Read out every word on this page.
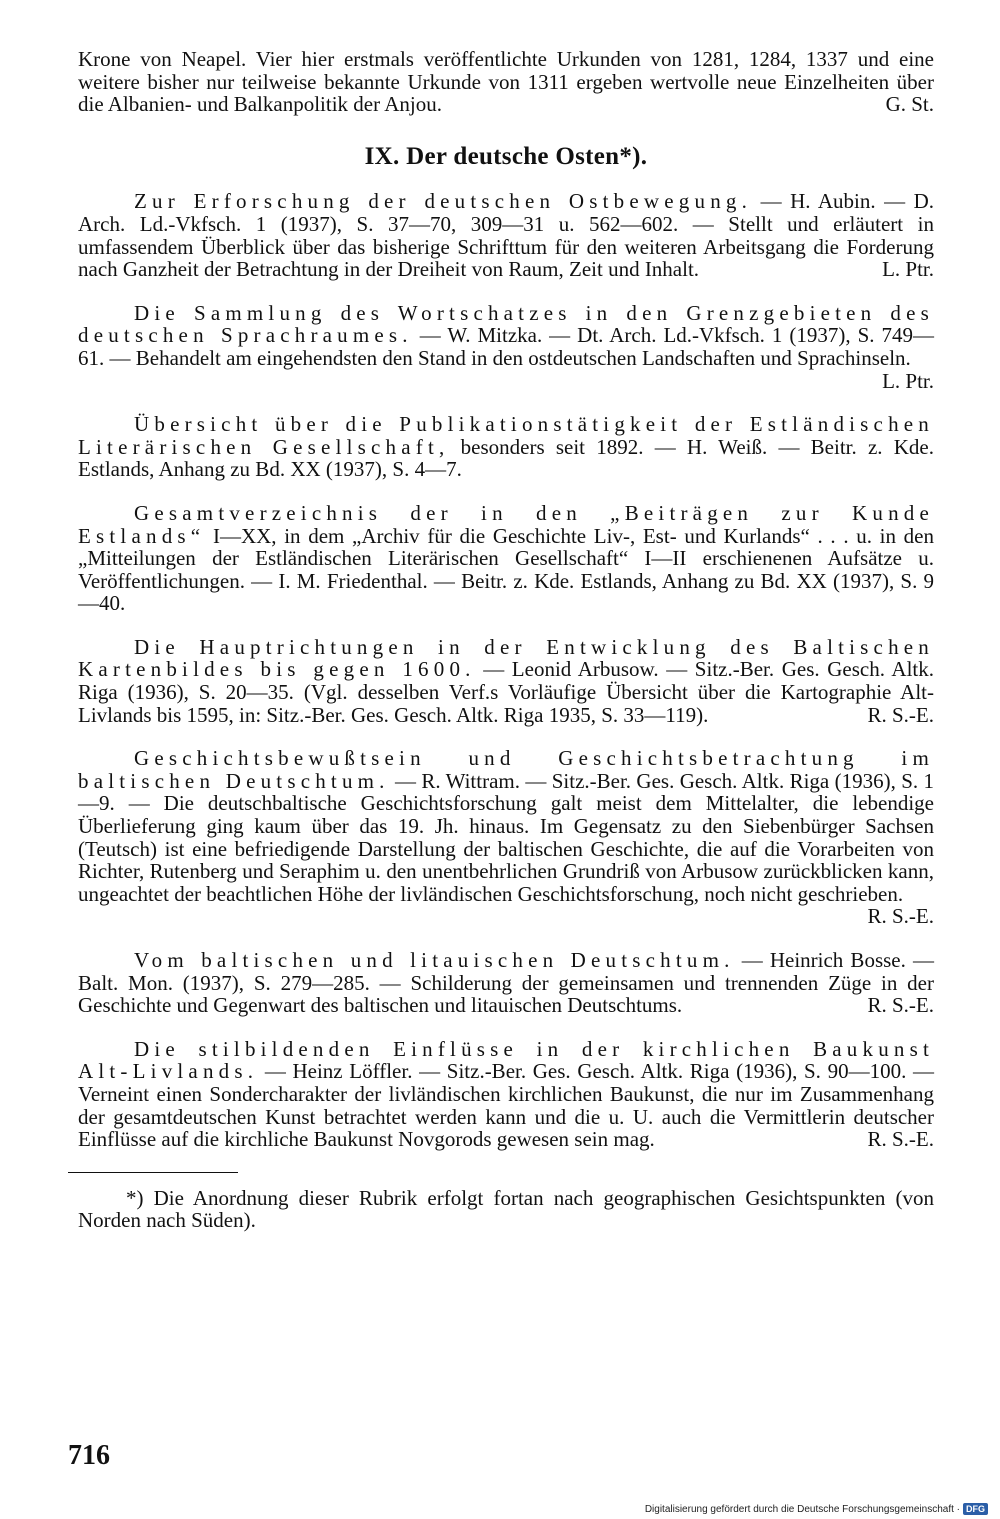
Krone von Neapel. Vier hier erstmals veröffentlichte Urkunden von 1281, 1284, 1337 und eine weitere bisher nur teilweise bekannte Urkunde von 1311 ergeben wertvolle neue Einzelheiten über die Albanien- und Balkanpolitik der Anjou.	G. St.

IX. Der deutsche Osten*).

Zur Erforschung der deutschen Ostbewegung. — H. Aubin. — D. Arch. Ld.-Vkfsch. 1 (1937), S. 37—70, 309—31 u. 562—602. — Stellt und erläutert in umfassendem Überblick über das bisherige Schrifttum für den weiteren Arbeitsgang die Forderung nach Ganzheit der Betrachtung in der Dreiheit von Raum, Zeit und Inhalt.	L. Ptr.

Die Sammlung des Wortschatzes in den Grenzgebieten des deutschen Sprachraumes. — W. Mitzka. — Dt. Arch. Ld.-Vkfsch. 1 (1937), S. 749—61. — Behandelt am eingehendsten den Stand in den ostdeutschen Landschaften und Sprachinseln.
L. Ptr.

Übersicht über die Publikationstätigkeit der Estländischen Literärischen Gesellschaft, besonders seit 1892. — H. Weiß. — Beitr. z. Kde. Estlands, Anhang zu Bd. XX (1937), S. 4—7.

Gesamtverzeichnis der in den „Beiträgen zur Kunde Estlands“ I—XX, in dem „Archiv für die Geschichte Liv-, Est- und Kurlands“ . . . u. in den „Mitteilungen der Estländischen Literärischen Gesellschaft“ I—II erschienenen Aufsätze u. Veröffentlichungen. — I. M. Friedenthal. — Beitr. z. Kde. Estlands, Anhang zu Bd. XX (1937), S. 9—40.

Die Hauptrichtungen in der Entwicklung des Baltischen Kartenbildes bis gegen 1600. — Leonid Arbusow. — Sitz.-Ber. Ges. Gesch. Altk. Riga (1936), S. 20—35. (Vgl. desselben Verf.s Vorläufige Übersicht über die Kartographie Alt-Livlands bis 1595, in: Sitz.-Ber. Ges. Gesch. Altk. Riga 1935, S. 33—119).	R. S.-E.

Geschichtsbewußtsein und Geschichtsbetrachtung im baltischen Deutschtum. — R. Wittram. — Sitz.-Ber. Ges. Gesch. Altk. Riga (1936), S. 1—9. — Die deutschbaltische Geschichtsforschung galt meist dem Mittelalter, die lebendige Überlieferung ging kaum über das 19. Jh. hinaus. Im Gegensatz zu den Siebenbürger Sachsen (Teutsch) ist eine befriedigende Darstellung der baltischen Geschichte, die auf die Vorarbeiten von Richter, Rutenberg und Seraphim u. den unentbehrlichen Grundriß von Arbusow zurückblicken kann, ungeachtet der beachtlichen Höhe der livländischen Geschichtsforschung, noch nicht geschrieben.
R. S.-E.

Vom baltischen und litauischen Deutschtum. — Heinrich Bosse. — Balt. Mon. (1937), S. 279—285. — Schilderung der gemeinsamen und trennenden Züge in der Geschichte und Gegenwart des baltischen und litauischen Deutschtums.	R. S.-E.

Die stilbildenden Einflüsse in der kirchlichen Baukunst Alt-Livlands. — Heinz Löffler. — Sitz.-Ber. Ges. Gesch. Altk. Riga (1936), S. 90—100. — Verneint einen Sondercharakter der livländischen kirchlichen Baukunst, die nur im Zusammenhang der gesamtdeutschen Kunst betrachtet werden kann und die u. U. auch die Vermittlerin deutscher Einflüsse auf die kirchliche Baukunst Novgorods gewesen sein mag.	R. S.-E.

*) Die Anordnung dieser Rubrik erfolgt fortan nach geographischen Gesichtspunkten (von Norden nach Süden).

716
Digitalisierung gefördert durch die Deutsche Forschungsgemeinschaft · DFG
